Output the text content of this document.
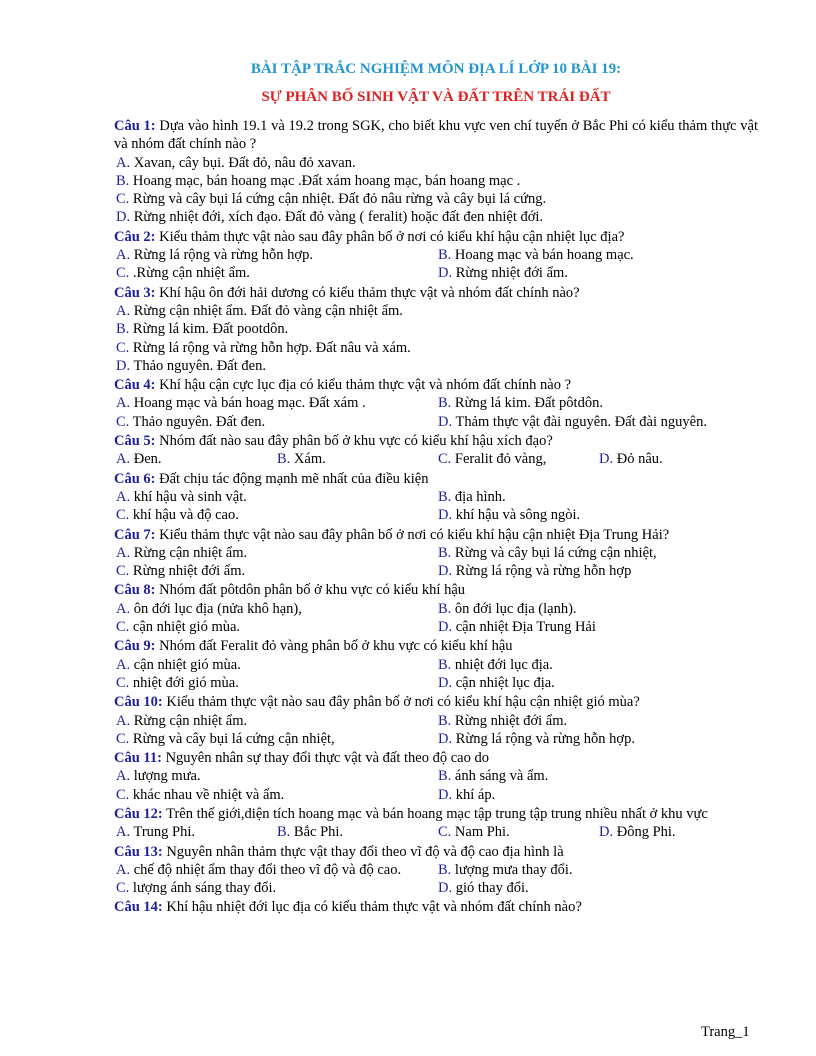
BÀI TẬP TRẮC NGHIỆM MÔN ĐỊA LÍ LỚP 10 BÀI 19:
SỰ PHÂN BỐ SINH VẬT VÀ ĐẤT TRÊN TRÁI ĐẤT
Câu 1: Dựa vào hình 19.1 và 19.2 trong SGK, cho biết khu vực ven chí tuyến ở Bắc Phi có kiểu thảm thực vật và nhóm đất chính nào ?
A. Xavan, cây bụi. Đất đỏ, nâu đỏ xavan.
B. Hoang mạc, bán hoang mạc .Đất xám hoang mạc, bán hoang mạc .
C. Rừng và cây bụi lá cứng cận nhiệt. Đất đỏ nâu rừng và cây bụi lá cứng.
D. Rừng nhiệt đới, xích đạo. Đất đỏ vàng ( feralit) hoặc đất đen nhiệt đới.
Câu 2: Kiểu thảm thực vật nào sau đây phân bố ở nơi có kiểu khí hậu cận nhiệt lục địa?
A. Rừng lá rộng và rừng hỗn hợp.	B. Hoang mạc và bán hoang mạc.
C. .Rừng cận nhiệt ẩm.	D. Rừng nhiệt đới ẩm.
Câu 3: Khí hậu ôn đới hải dương có kiểu thảm thực vật và nhóm đất chính nào?
A. Rừng cận nhiệt ẩm. Đất đỏ vàng cận nhiệt ẩm.
B. Rừng lá kim. Đất pootdôn.
C. Rừng lá rộng và rừng hỗn hợp. Đất nâu và xám.
D. Thảo nguyên. Đất đen.
Câu 4: Khí hậu cận cực lục địa có kiểu thảm thực vật và nhóm đất chính nào ?
A. Hoang mạc và bán hoag mạc. Đất xám .	B. Rừng lá kim. Đất pôtdôn.
C. Thảo nguyên. Đất đen.	D. Thảm thực vật đài nguyên. Đất đài nguyên.
Câu 5: Nhóm đất nào sau đây phân bố ở khu vực có kiểu khí hậu xích đạo?
A. Đen.	B. Xám.	C. Feralit đỏ vàng,	D. Đỏ nâu.
Câu 6: Đất chịu tác động mạnh mẽ nhất của điều kiện
A. khí hậu và sinh vật.	B. địa hình.
C. khí hậu và độ cao.	D. khí hậu và sông ngòi.
Câu 7: Kiểu thảm thực vật nào sau đây phân bố ở nơi có kiểu khí hậu cận nhiệt Địa Trung Hải?
A. Rừng cận nhiệt ẩm.	B. Rừng và cây bụi lá cứng cận nhiệt,
C. Rừng nhiệt đới ẩm.	D. Rừng lá rộng và rừng hỗn hợp
Câu 8: Nhóm đất pôtdôn phân bố ở khu vực có kiểu khí hậu
A. ôn đới lục địa (nửa khô hạn),	B. ôn đới lục địa (lạnh).
C. cận nhiệt gió mùa.	D. cận nhiệt Địa Trung Hải
Câu 9: Nhóm đất Feralit đỏ vàng phân bố ở khu vực có kiểu khí hậu
A. cận nhiệt gió mùa.	B. nhiệt đới lục địa.
C. nhiệt đới gió mùa.	D. cận nhiệt lục địa.
Câu 10: Kiểu thảm thực vật nào sau đây phân bố ở nơi có kiểu khí hậu cận nhiệt gió mùa?
A. Rừng cận nhiệt ẩm.	B. Rừng nhiệt đới ẩm.
C. Rừng và cây bụi lá cứng cận nhiệt,	D. Rừng lá rộng và rừng hỗn hợp.
Câu 11: Nguyên nhân sự thay đổi thực vật và đất theo độ cao do
A. lượng mưa.	B. ánh sáng và ẩm.
C. khác nhau về nhiệt và ẩm.	D. khí áp.
Câu 12: Trên thế giới,diện tích hoang mạc và bán hoang mạc tập trung tập trung nhiều nhất ở khu vực
A. Trung Phi.	B. Bắc Phi.	C. Nam Phi.	D. Đông Phi.
Câu 13: Nguyên nhân thảm thực vật thay đổi theo vĩ độ và độ cao địa hình là
A. chế độ nhiệt ẩm thay đổi theo vĩ độ và độ cao.	B. lượng mưa thay đổi.
C. lượng ánh sáng thay đổi.	D. gió thay đổi.
Câu 14: Khí hậu nhiệt đới lục địa có kiểu thảm thực vật và nhóm đất chính nào?
Trang_1
